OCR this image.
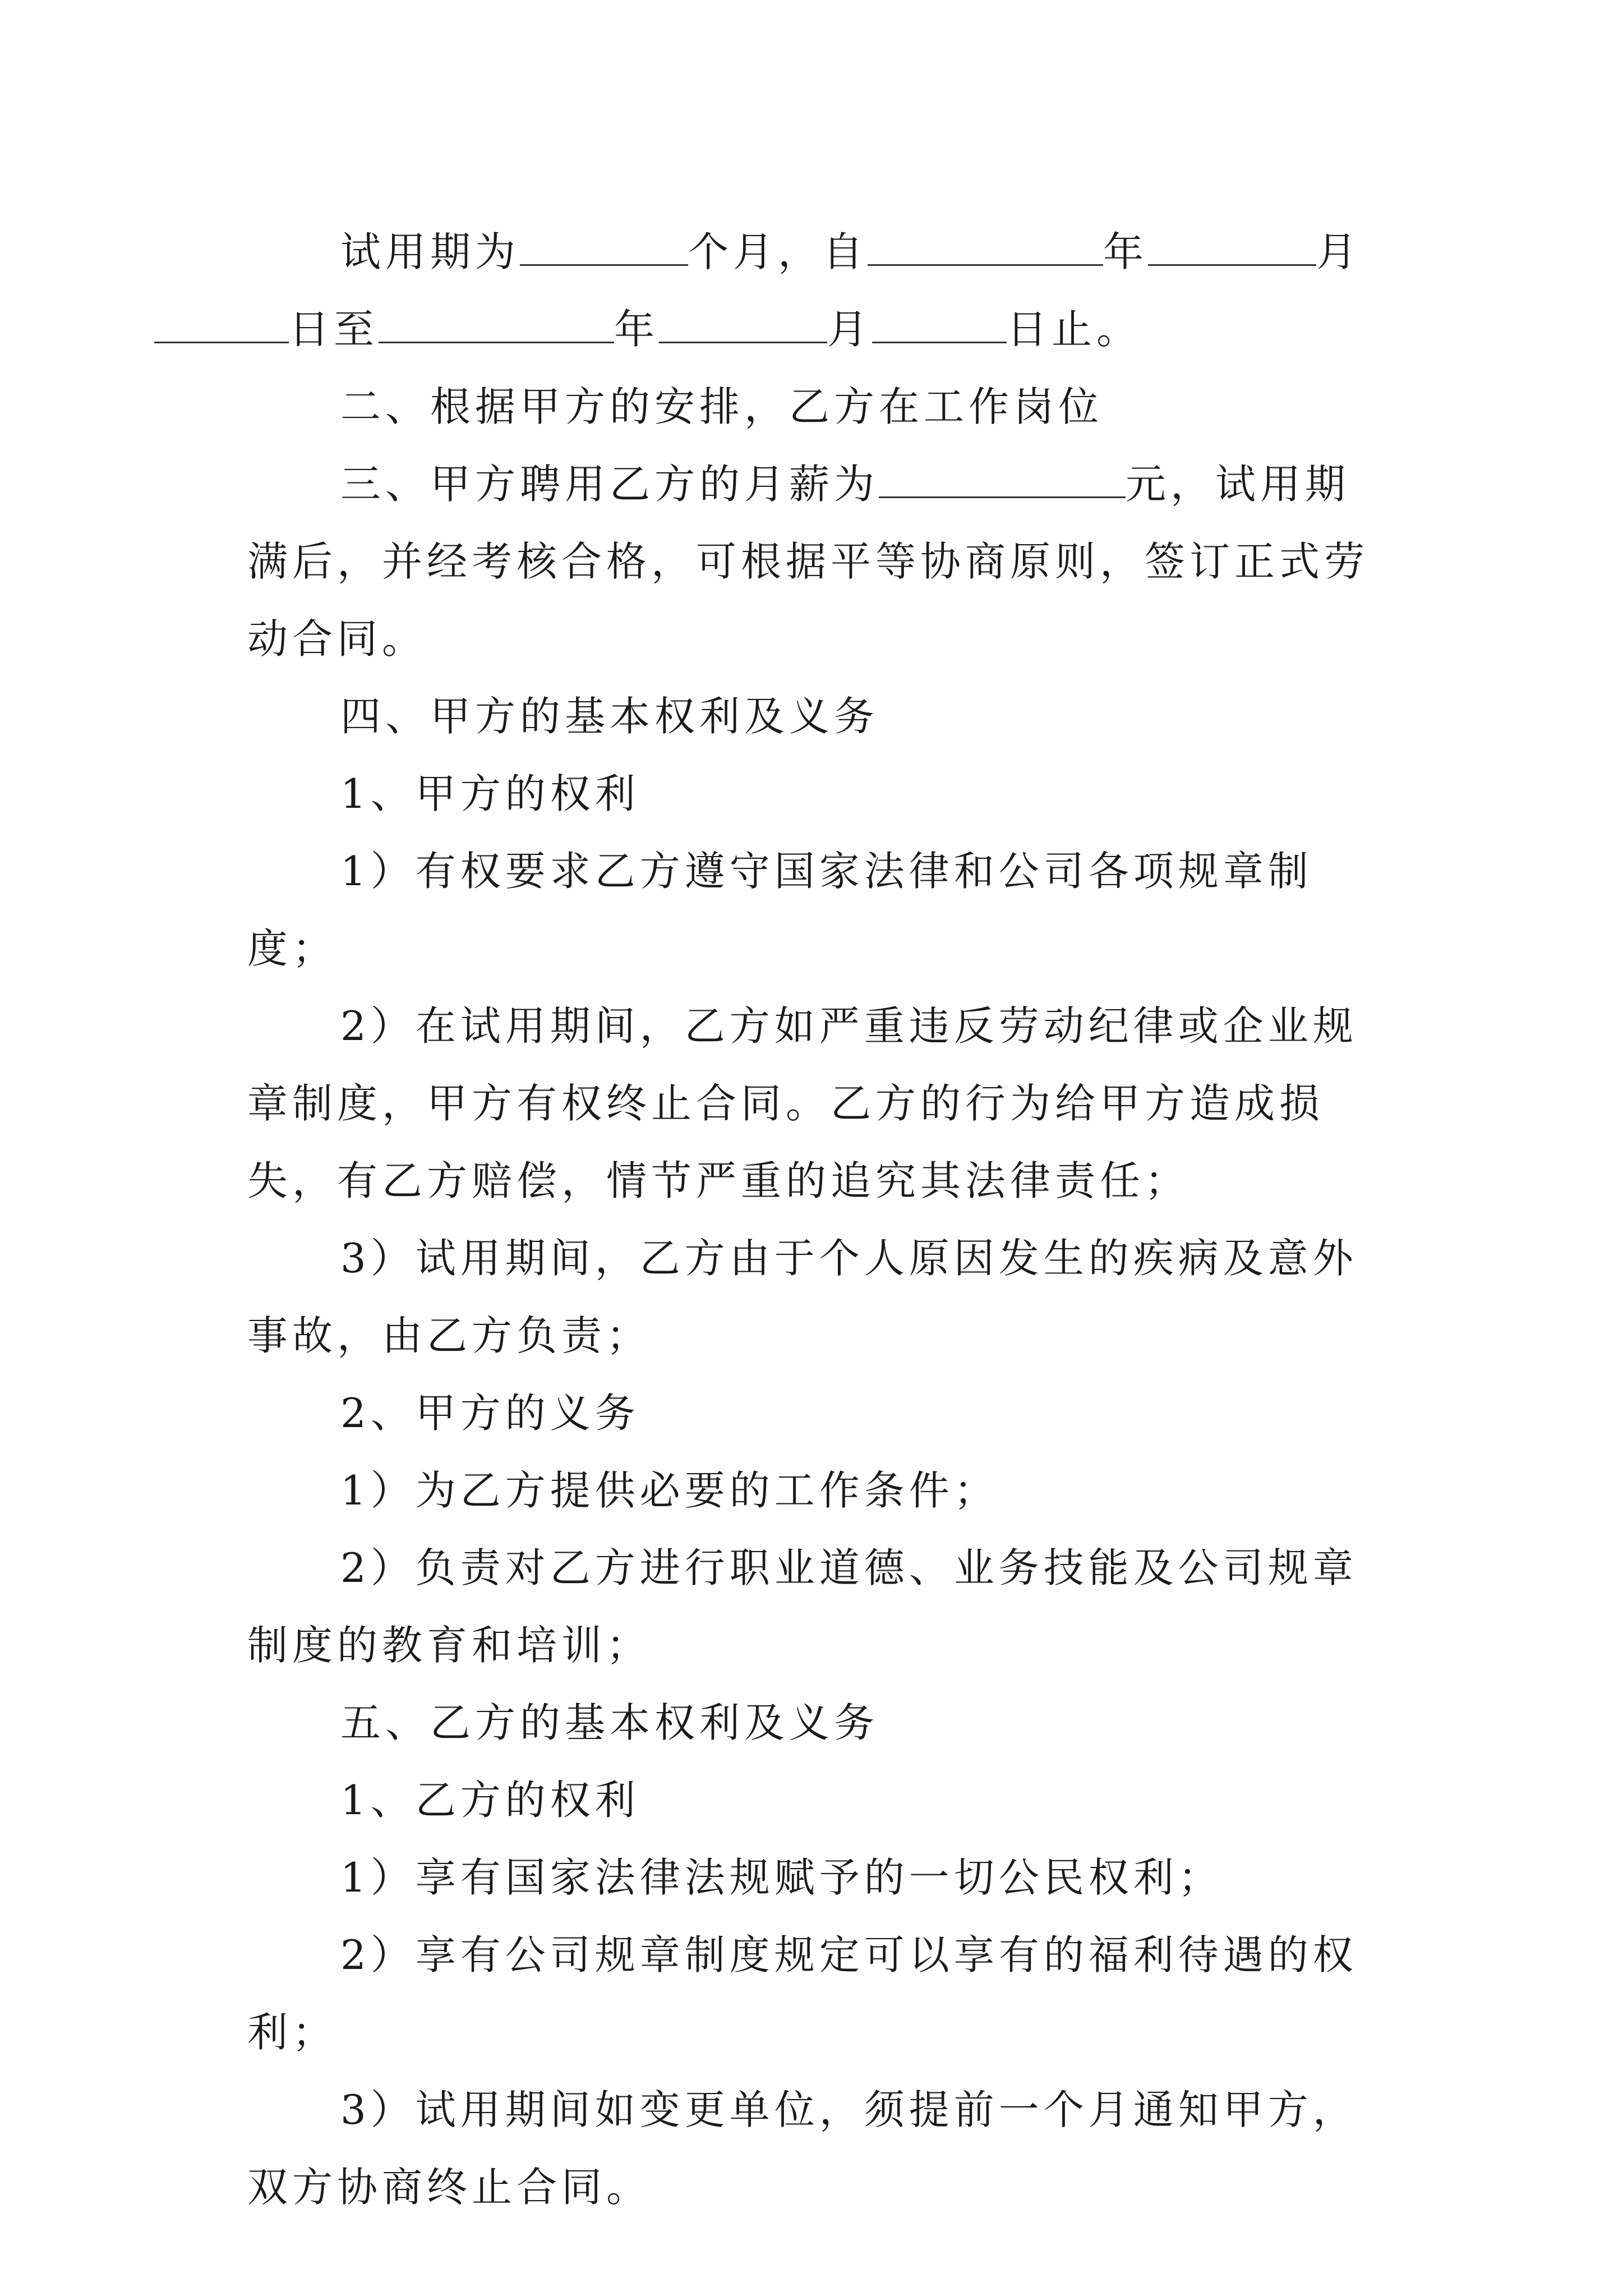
试用期为	个月，自	年	月日至	年	月	日止。

二、根据甲方的安排，乙方在工作岗位

三、甲方聘用乙方的月薪为	元，试用期满后，并经考核合格，可根据平等协商原则，签订正式劳动合同。

四、甲方的基本权利及义务

1、甲方的权利

1）有权要求乙方遵守国家法律和公司各项规章制度；

2）在试用期间，乙方如严重违反劳动纪律或企业规章制度，甲方有权终止合同。乙方的行为给甲方造成损失，有乙方赔偿，情节严重的追究其法律责任；

3）试用期间，乙方由于个人原因发生的疾病及意外事故，由乙方负责；

2、甲方的义务

1）为乙方提供必要的工作条件；

2）负责对乙方进行职业道德、业务技能及公司规章制度的教育和培训；

五、乙方的基本权利及义务

1、乙方的权利

1）享有国家法律法规赋予的一切公民权利；

2）享有公司规章制度规定可以享有的福利待遇的权利；

3）试用期间如变更单位，须提前一个月通知甲方，双方协商终止合同。
